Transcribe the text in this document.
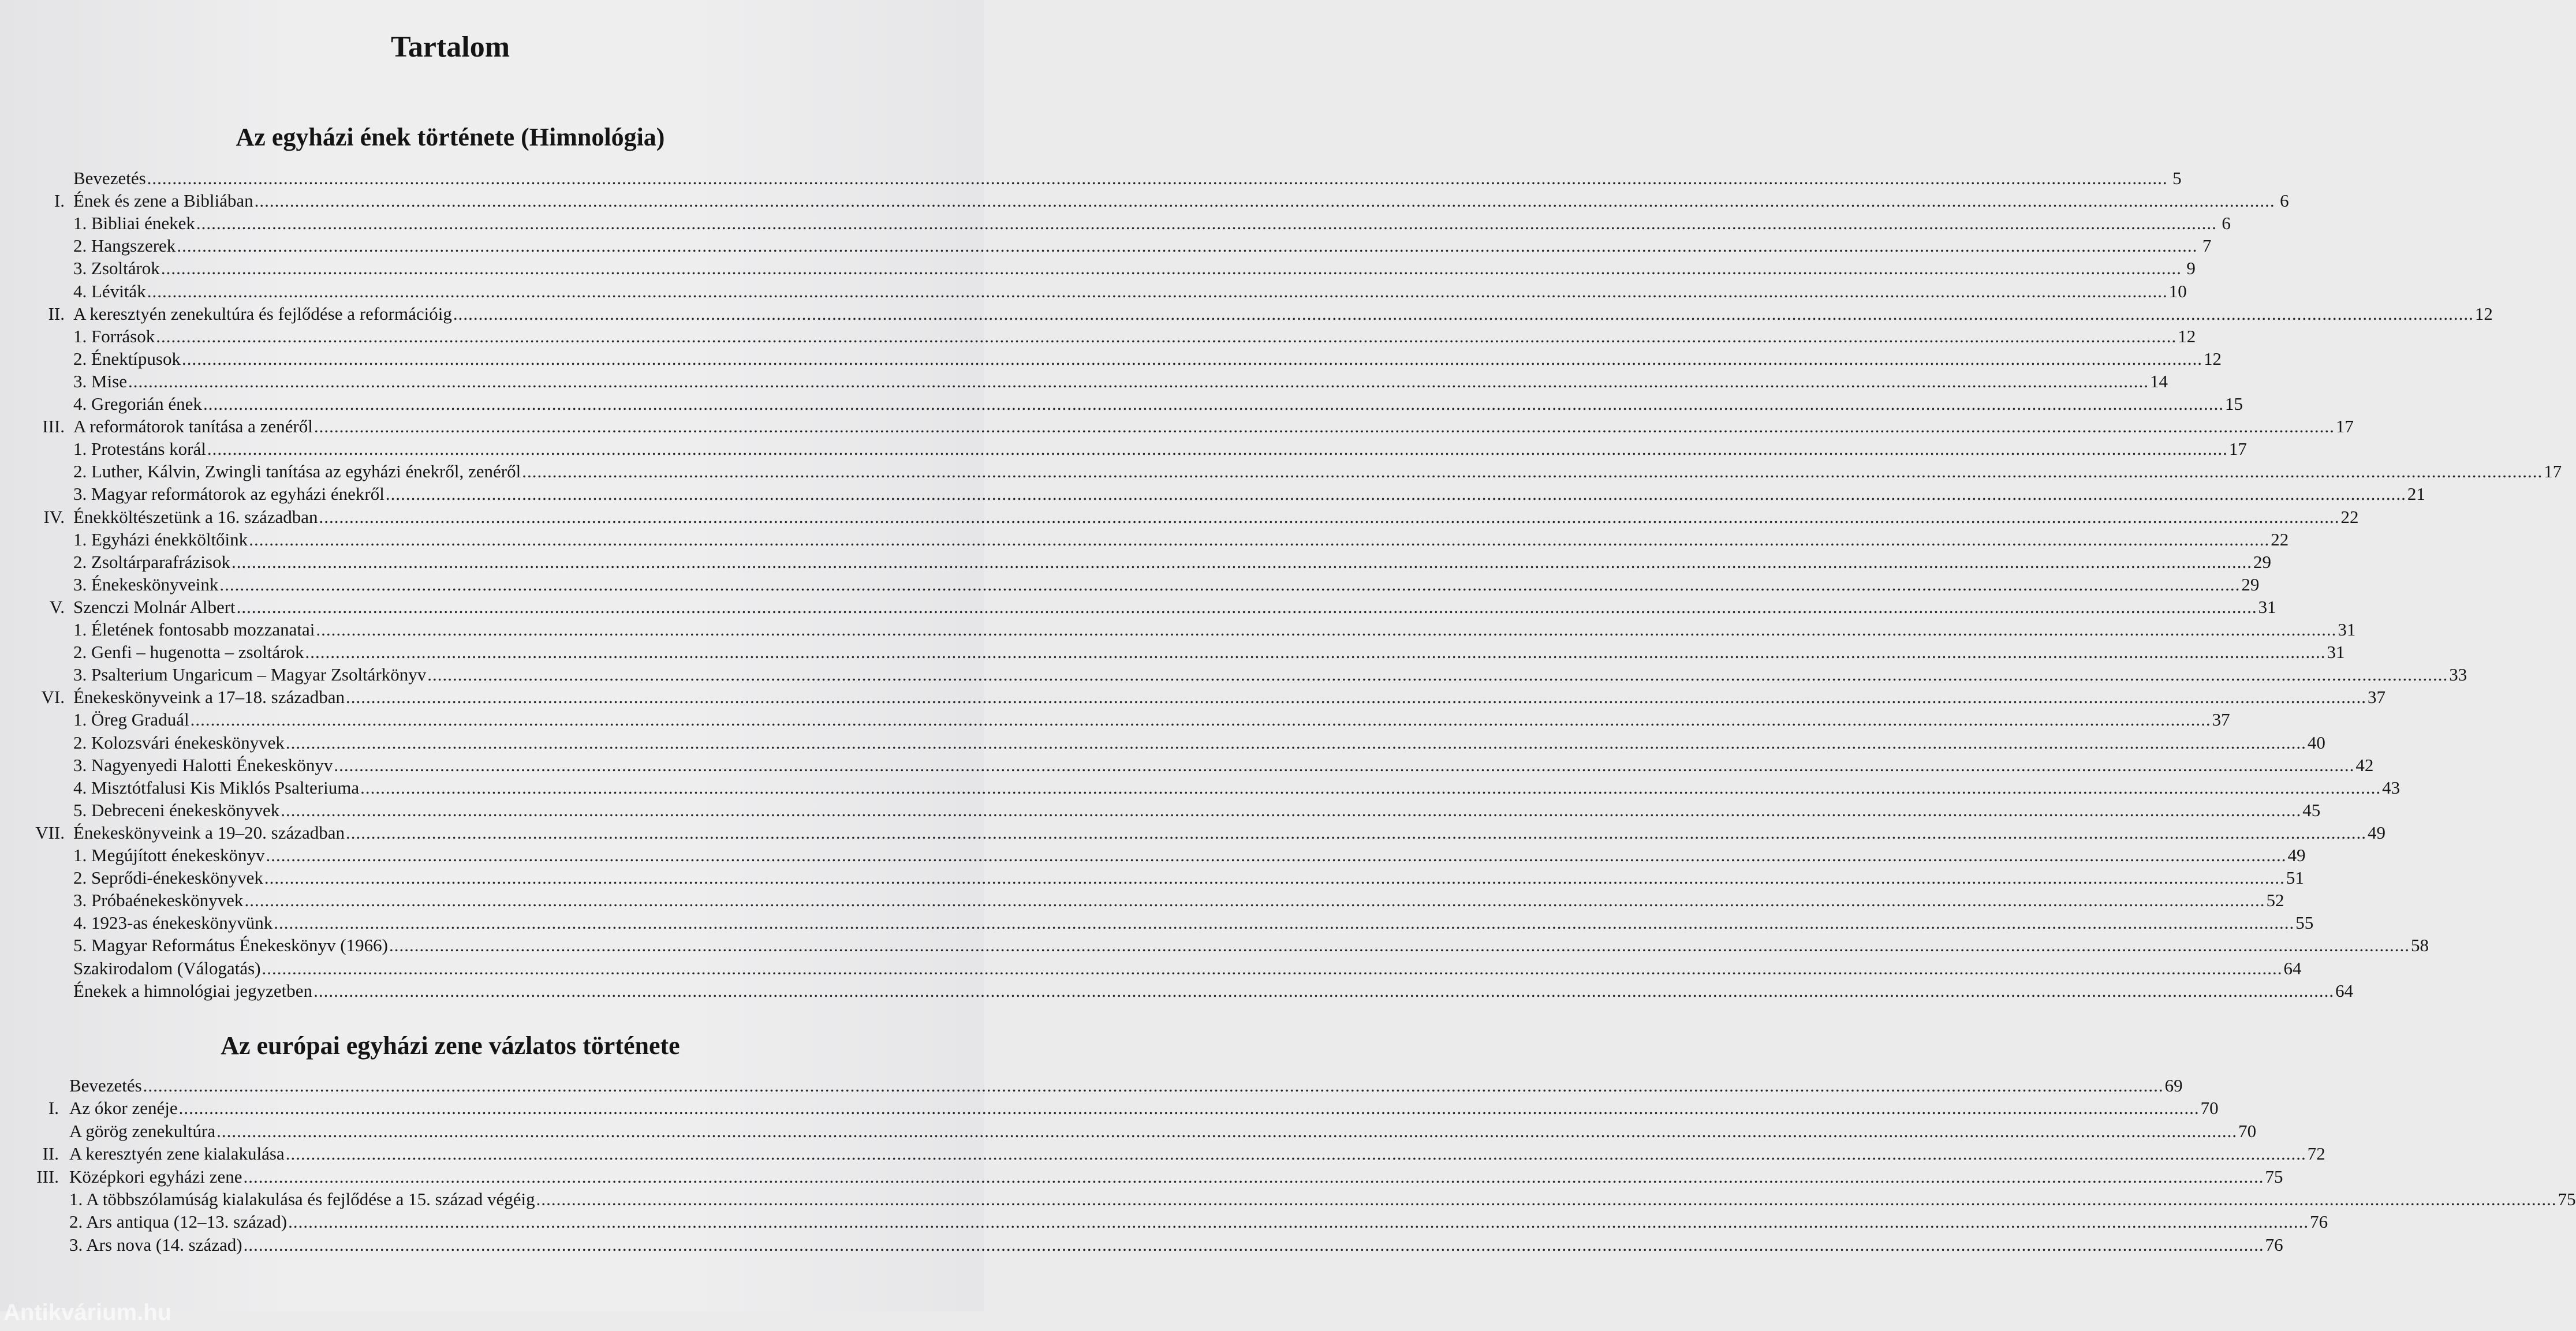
Tartalom
Az egyházi ének története (Himnológia)
Bevezetés ................................................................................................................................................................................................................................................................................................................................................................................................................ 5
I. Ének és zene a Bibliában ................................................................................................................................................................................................................................................................................................................................................................................................................ 6
1. Bibliai énekek ................................................................................................................................................................................................................................................................................................................................................................................................................ 6
2. Hangszerek ................................................................................................................................................................................................................................................................................................................................................................................................................ 7
3. Zsoltárok ................................................................................................................................................................................................................................................................................................................................................................................................................ 9
4. Léviták ................................................................................................................................................................................................................................................................................................................................................................................................................ 10
II. A keresztyén zenekultúra és fejlődése a reformációig ................................................................................................................................................................................................................................................................................................................................................................................................................ 12
1. Források ................................................................................................................................................................................................................................................................................................................................................................................................................ 12
2. Énektípusok ................................................................................................................................................................................................................................................................................................................................................................................................................ 12
3. Mise ................................................................................................................................................................................................................................................................................................................................................................................................................ 14
4. Gregorián ének ................................................................................................................................................................................................................................................................................................................................................................................................................ 15
III. A reformátorok tanítása a zenéről ................................................................................................................................................................................................................................................................................................................................................................................................................ 17
1. Protestáns korál ................................................................................................................................................................................................................................................................................................................................................................................................................ 17
2. Luther, Kálvin, Zwingli tanítása az egyházi énekről, zenéről ................................................................................................................................................................................................................................................................................................................................................................................................................ 17
3. Magyar reformátorok az egyházi énekről ................................................................................................................................................................................................................................................................................................................................................................................................................ 21
IV. Énekköltészetünk a 16. században ................................................................................................................................................................................................................................................................................................................................................................................................................ 22
1. Egyházi énekköltőink ................................................................................................................................................................................................................................................................................................................................................................................................................ 22
2. Zsoltárparafrázisok ................................................................................................................................................................................................................................................................................................................................................................................................................ 29
3. Énekeskönyveink ................................................................................................................................................................................................................................................................................................................................................................................................................ 29
V. Szenczi Molnár Albert ................................................................................................................................................................................................................................................................................................................................................................................................................ 31
1. Életének fontosabb mozzanatai ................................................................................................................................................................................................................................................................................................................................................................................................................ 31
2. Genfi – hugenotta – zsoltárok ................................................................................................................................................................................................................................................................................................................................................................................................................ 31
3. Psalterium Ungaricum – Magyar Zsoltárkönyv ................................................................................................................................................................................................................................................................................................................................................................................................................ 33
VI. Énekeskönyveink a 17–18. században ................................................................................................................................................................................................................................................................................................................................................................................................................ 37
1. Öreg Graduál ................................................................................................................................................................................................................................................................................................................................................................................................................ 37
2. Kolozsvári énekeskönyvek ................................................................................................................................................................................................................................................................................................................................................................................................................ 40
3. Nagyenyedi Halotti Énekeskönyv ................................................................................................................................................................................................................................................................................................................................................................................................................ 42
4. Misztótfalusi Kis Miklós Psalteriuma ................................................................................................................................................................................................................................................................................................................................................................................................................ 43
5. Debreceni énekeskönyvek ................................................................................................................................................................................................................................................................................................................................................................................................................ 45
VII. Énekeskönyveink a 19–20. században ................................................................................................................................................................................................................................................................................................................................................................................................................ 49
1. Megújított énekeskönyv ................................................................................................................................................................................................................................................................................................................................................................................................................ 49
2. Seprődi-énekeskönyvek ................................................................................................................................................................................................................................................................................................................................................................................................................ 51
3. Próbaénekeskönyvek ................................................................................................................................................................................................................................................................................................................................................................................................................ 52
4. 1923-as énekeskönyvünk ................................................................................................................................................................................................................................................................................................................................................................................................................ 55
5. Magyar Református Énekeskönyv (1966) ................................................................................................................................................................................................................................................................................................................................................................................................................ 58
Szakirodalom (Válogatás) ................................................................................................................................................................................................................................................................................................................................................................................................................ 64
Énekek a himnológiai jegyzetben ................................................................................................................................................................................................................................................................................................................................................................................................................ 64
Az európai egyházi zene vázlatos története
Bevezetés ................................................................................................................................................................................................................................................................................................................................................................................................................ 69
I. Az ókor zenéje ................................................................................................................................................................................................................................................................................................................................................................................................................ 70
A görög zenekultúra ................................................................................................................................................................................................................................................................................................................................................................................................................ 70
II. A keresztyén zene kialakulása ................................................................................................................................................................................................................................................................................................................................................................................................................ 72
III. Középkori egyházi zene ................................................................................................................................................................................................................................................................................................................................................................................................................ 75
1. A többszólamúság kialakulása és fejlődése a 15. század végéig ................................................................................................................................................................................................................................................................................................................................................................................................................ 75
2. Ars antiqua (12–13. század) ................................................................................................................................................................................................................................................................................................................................................................................................................ 76
3. Ars nova (14. század) ................................................................................................................................................................................................................................................................................................................................................................................................................ 76
Antikvárium.hu
